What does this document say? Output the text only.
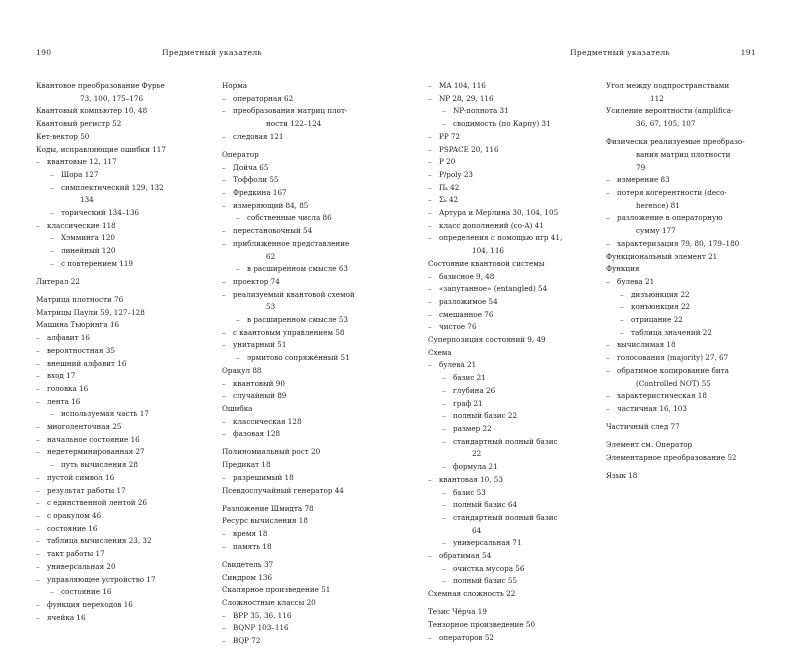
190	Предметный указатель
Квантовое преобразование Фурье
73, 100, 175–176
Квантовый компьютер 10, 48
Квантовый регистр 52
Кет-вектор 50
Коды, исправляющие ошибки 117
– квантовые 12, 117
– Шора 127
– симплектический 129, 132
134
– торический 134–136
– классические 118
– Хэмминга 120
– линейный 120
– с повтерением 119
Литерал 22
Матрица плотности 76
Матрицы Паули 59, 127–128
Машина Тьюринга 16
– алфавит 16
– вероятностная 35
– внешний алфавит 16
– вход 17
– головка 16
– лента 16
– используемая часть 17
– многоленточная 25
– начальное состояние 16
– недетерминированная 27
– путь вычисления 28
– пустой символ 16
– результат работы 17
– с единственной лентой 26
– с оракулом 46
– состояние 16
– таблица вычисления 23, 32
– такт работы 17
– универсальная 20
– управляющее устройство 17
– состояние 16
– функция переходов 16
– ячейка 16
Норма
– операторная 62
– преобразования матриц плот-
ности 122–124
– следовая 121
Оператор
– Дойча 65
– Тоффоли 55
– Фредкина 167
– измеряющий 84, 85
– собственные числа 86
– перестановочный 54
– приближенное представление
62
– в расширенном смысле 63
– проектор 74
– реализуемый квантовой схемой
53
– в расширенном смысле 53
– с квантовым управлением 58
– унитарный 51
– эрмитово сопряжённый 51
Оракул 88
– квантовый 90
– случайный 89
Ошибка
– классическая 128
– фазовая 128
Полиномиальный рост 20
Предикат 18
– разрешимый 18
Псевдослучайный генератор 44
Разложение Шмидта 78
Ресурс вычисления 18
– время 18
– память 18
Свидетель 37
Синдром 136
Скалярное произведение 51
Сложностные классы 20
– BPP 35, 36, 116
– BQNP 103–116
– BQP 72
Предметный указатель	191
– MA 104, 116
– NP 28, 29, 116
– NP-полнота 31
– сводимость (по Карпу) 31
– PP 72
– PSPACE 20, 116
– P 20
– P/poly 23
– Πₖ 42
– Σₖ 42
– Артура и Мерлина 30, 104, 105
– класс дополнений (co-A) 41
– определения с помощью игр 41,
104, 116
Состояние квантовой системы
– базисное 9, 48
– «запутанное» (entangled) 54
– разложимое 54
– смешанное 76
– чистое 76
Суперпозиция состояний 9, 49
Схема
– булева 21
– базис 21
– глубина 26
– граф 21
– полный базис 22
– размер 22
– стандартный полный базис
22
– формула 21
– квантовая 10, 53
– базис 53
– полный базис 64
– стандартный полный базис
64
– универсальная 71
– обратимая 54
– очистка мусора 56
– полный базис 55
Схемная сложность 22
Тезис Чёрча 19
Тензорное произведение 50
– операторов 52
Угол между подпространствами
112
Усиление вероятности (amplifica-
36, 67, 105, 107
Физически реализуемые преобразо-
вания матриц плотности
79
– измерение 83
– потеря когерентности (deco-
herence) 81
– разложение в операторную
сумму 177
– характеризация 79, 80, 179–180
Функциональный элемент 21
Функция
– булева 21
– дизъюнкция 22
– конъюнкция 22
– отрицание 22
– таблица значений 22
– вычислимая 18
– голосования (majority) 27, 67
– обратимое копирование бита
(Controlled NOT) 55
– характеристическая 18
– частичная 16, 103
Частичный след 77
Элемент см. Оператор
Элементарное преобразование 52
Язык 18
